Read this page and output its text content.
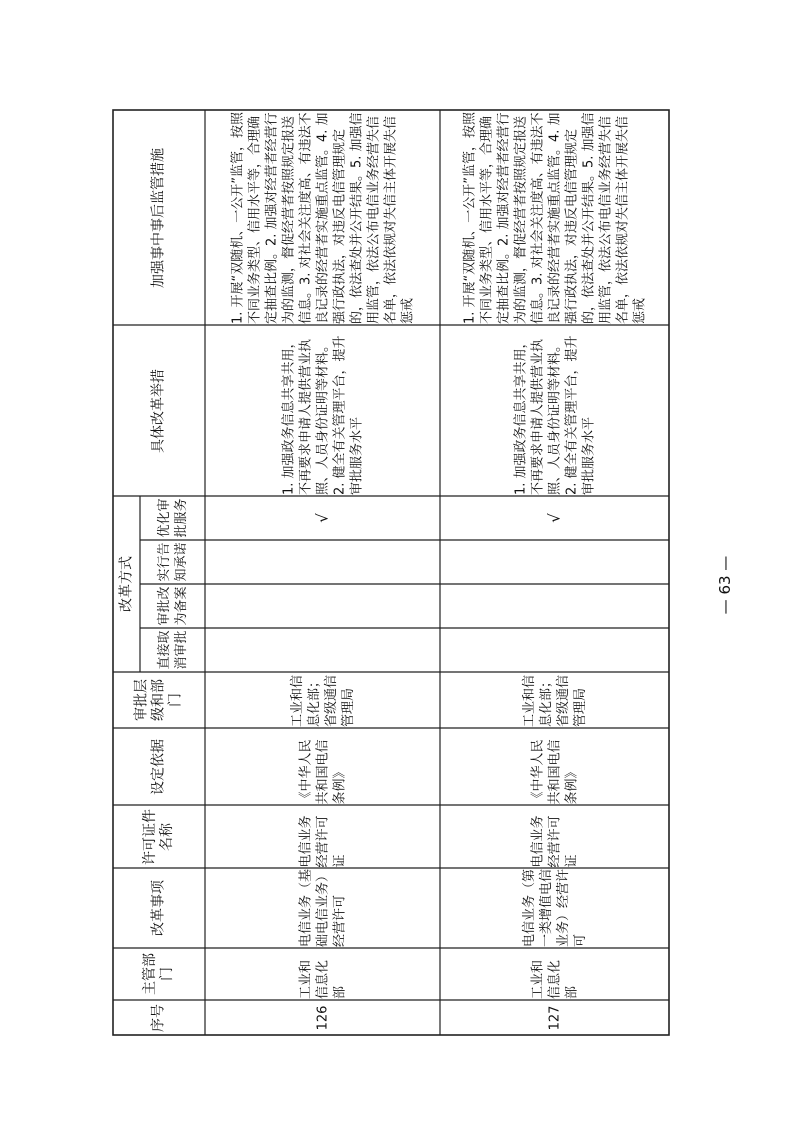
序号
主管部门
改革事项
许可证件名称
设定依据
审批层级和部门
改革方式
直接取消审批
审批改为备案
实行告知承诺
优化审批服务
具体改革举措
加强事中事后监管措施
126
工业和信息化部
电信业务（基础电信业务）经营许可
电信业务经营许可证
《中华人民共和国电信条例》
工业和信息化部；省级通信管理局
√
1. 加强政务信息共享共用，不再要求申请人提供营业执照、人员身份证明等材料。2. 健全有关管理平台，提升审批服务水平
1. 开展“双随机、一公开”监管，按照不同业务类型、信用水平等，合理确定抽查比例。2. 加强对经营者经营行为的监测，督促经营者按照规定报送信息。3. 对社会关注度高、有违法不良记录的经营者实施重点监管。4. 加强行政执法，对违反电信管理规定的，依法查处并公开结果。5. 加强信用监管，依法公布电信业务经营失信名单，依法依规对失信主体开展失信惩戒
127
工业和信息化部
电信业务（第一类增值电信业务）经营许可
电信业务经营许可证
《中华人民共和国电信条例》
工业和信息化部；省级通信管理局
√
1. 加强政务信息共享共用，不再要求申请人提供营业执照、人员身份证明等材料。2. 健全有关管理平台，提升审批服务水平
1. 开展“双随机、一公开”监管，按照不同业务类型、信用水平等，合理确定抽查比例。2. 加强对经营者经营行为的监测，督促经营者按照规定报送信息。3. 对社会关注度高、有违法不良记录的经营者实施重点监管。4. 加强行政执法，对违反电信管理规定的，依法查处并公开结果。5. 加强信用监管，依法公布电信业务经营失信名单，依法依规对失信主体开展失信惩戒
— 63 —
